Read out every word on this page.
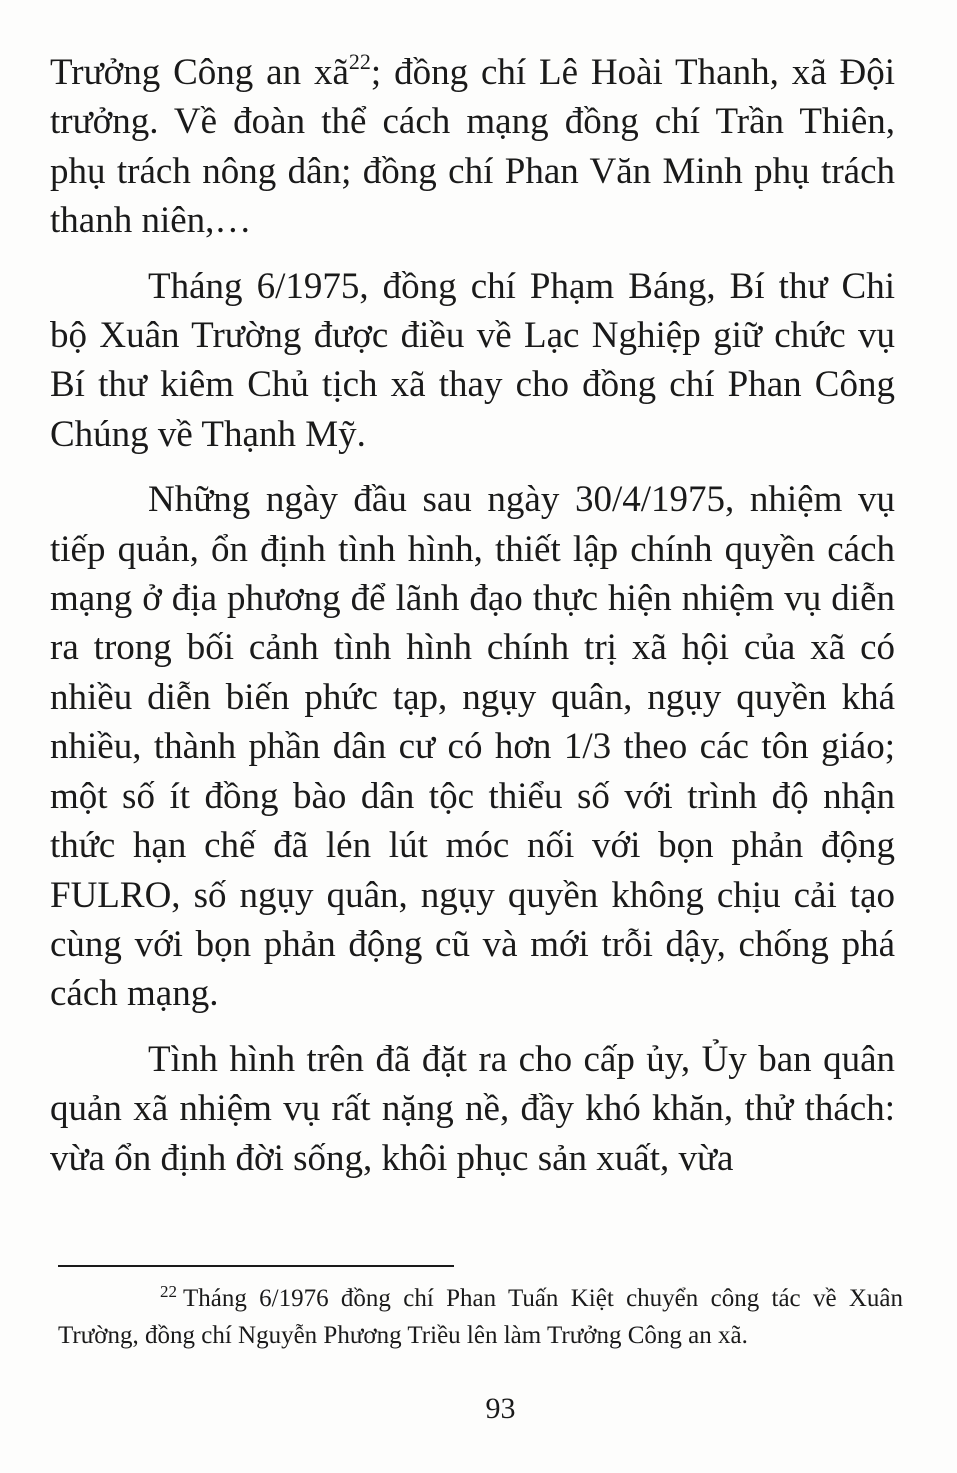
Trưởng Công an xã$^{22}$; đồng chí Lê Hoài Thanh, xã Đội trưởng. Về đoàn thể cách mạng đồng chí Trần Thiên, phụ trách nông dân; đồng chí Phan Văn Minh phụ trách thanh niên,…

Tháng 6/1975, đồng chí Phạm Báng, Bí thư Chi bộ Xuân Trường được điều về Lạc Nghiệp giữ chức vụ Bí thư kiêm Chủ tịch xã thay cho đồng chí Phan Công Chúng về Thạnh Mỹ.

Những ngày đầu sau ngày 30/4/1975, nhiệm vụ tiếp quản, ổn định tình hình, thiết lập chính quyền cách mạng ở địa phương để lãnh đạo thực hiện nhiệm vụ diễn ra trong bối cảnh tình hình chính trị xã hội của xã có nhiều diễn biến phức tạp, ngụy quân, ngụy quyền khá nhiều, thành phần dân cư có hơn 1/3 theo các tôn giáo; một số ít đồng bào dân tộc thiểu số với trình độ nhận thức hạn chế đã lén lút móc nối với bọn phản động FULRO, số ngụy quân, ngụy quyền không chịu cải tạo cùng với bọn phản động cũ và mới trỗi dậy, chống phá cách mạng.

Tình hình trên đã đặt ra cho cấp ủy, Ủy ban quân quản xã nhiệm vụ rất nặng nề, đầy khó khăn, thử thách: vừa ổn định đời sống, khôi phục sản xuất, vừa

$^{22}$ Tháng 6/1976 đồng chí Phan Tuấn Kiệt chuyển công tác về Xuân Trường, đồng chí Nguyễn Phương Triều lên làm Trưởng Công an xã.

93
